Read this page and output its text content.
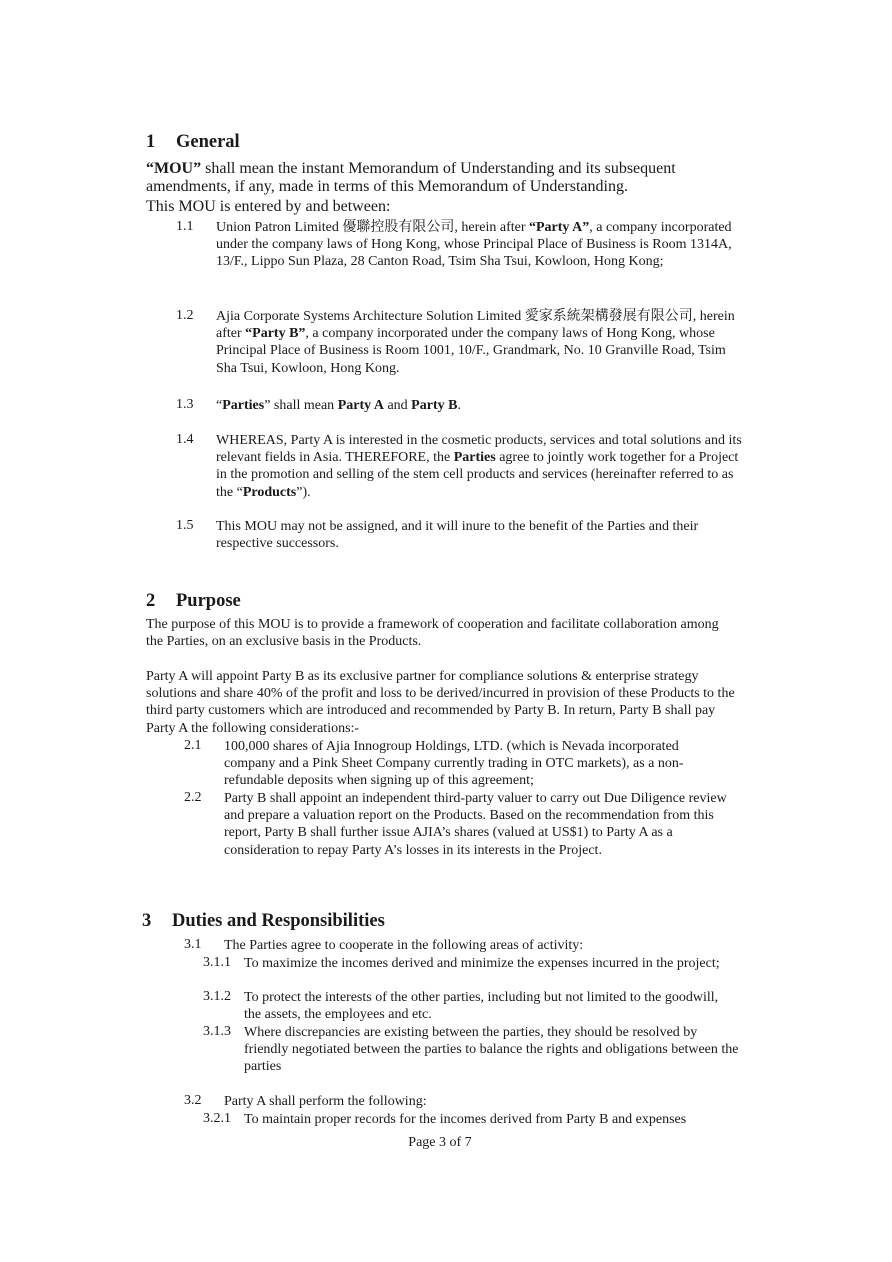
1 General
“MOU” shall mean the instant Memorandum of Understanding and its subsequent amendments, if any, made in terms of this Memorandum of Understanding.
This MOU is entered by and between:
1.1 Union Patron Limited 優聯控股有限公司, herein after “Party A”, a company incorporated under the company laws of Hong Kong, whose Principal Place of Business is Room 1314A, 13/F., Lippo Sun Plaza, 28 Canton Road, Tsim Sha Tsui, Kowloon, Hong Kong;
1.2 Ajia Corporate Systems Architecture Solution Limited 愛家系統架構發展有限公司, herein after “Party B”, a company incorporated under the company laws of Hong Kong, whose Principal Place of Business is Room 1001, 10/F., Grandmark, No. 10 Granville Road, Tsim Sha Tsui, Kowloon, Hong Kong.
1.3 “Parties” shall mean Party A and Party B.
1.4 WHEREAS, Party A is interested in the cosmetic products, services and total solutions and its relevant fields in Asia. THEREFORE, the Parties agree to jointly work together for a Project in the promotion and selling of the stem cell products and services (hereinafter referred to as the “Products”).
1.5 This MOU may not be assigned, and it will inure to the benefit of the Parties and their respective successors.
2 Purpose
The purpose of this MOU is to provide a framework of cooperation and facilitate collaboration among the Parties, on an exclusive basis in the Products.
Party A will appoint Party B as its exclusive partner for compliance solutions & enterprise strategy solutions and share 40% of the profit and loss to be derived/incurred in provision of these Products to the third party customers which are introduced and recommended by Party B. In return, Party B shall pay Party A the following considerations:-
2.1 100,000 shares of Ajia Innogroup Holdings, LTD. (which is Nevada incorporated company and a Pink Sheet Company currently trading in OTC markets), as a non-refundable deposits when signing up of this agreement;
2.2 Party B shall appoint an independent third-party valuer to carry out Due Diligence review and prepare a valuation report on the Products. Based on the recommendation from this report, Party B shall further issue AJIA’s shares (valued at US$1) to Party A as a consideration to repay Party A’s losses in its interests in the Project.
3 Duties and Responsibilities
3.1 The Parties agree to cooperate in the following areas of activity:
3.1.1 To maximize the incomes derived and minimize the expenses incurred in the project;
3.1.2 To protect the interests of the other parties, including but not limited to the goodwill, the assets, the employees and etc.
3.1.3 Where discrepancies are existing between the parties, they should be resolved by friendly negotiated between the parties to balance the rights and obligations between the parties
3.2 Party A shall perform the following:
3.2.1 To maintain proper records for the incomes derived from Party B and expenses
Page 3 of 7
